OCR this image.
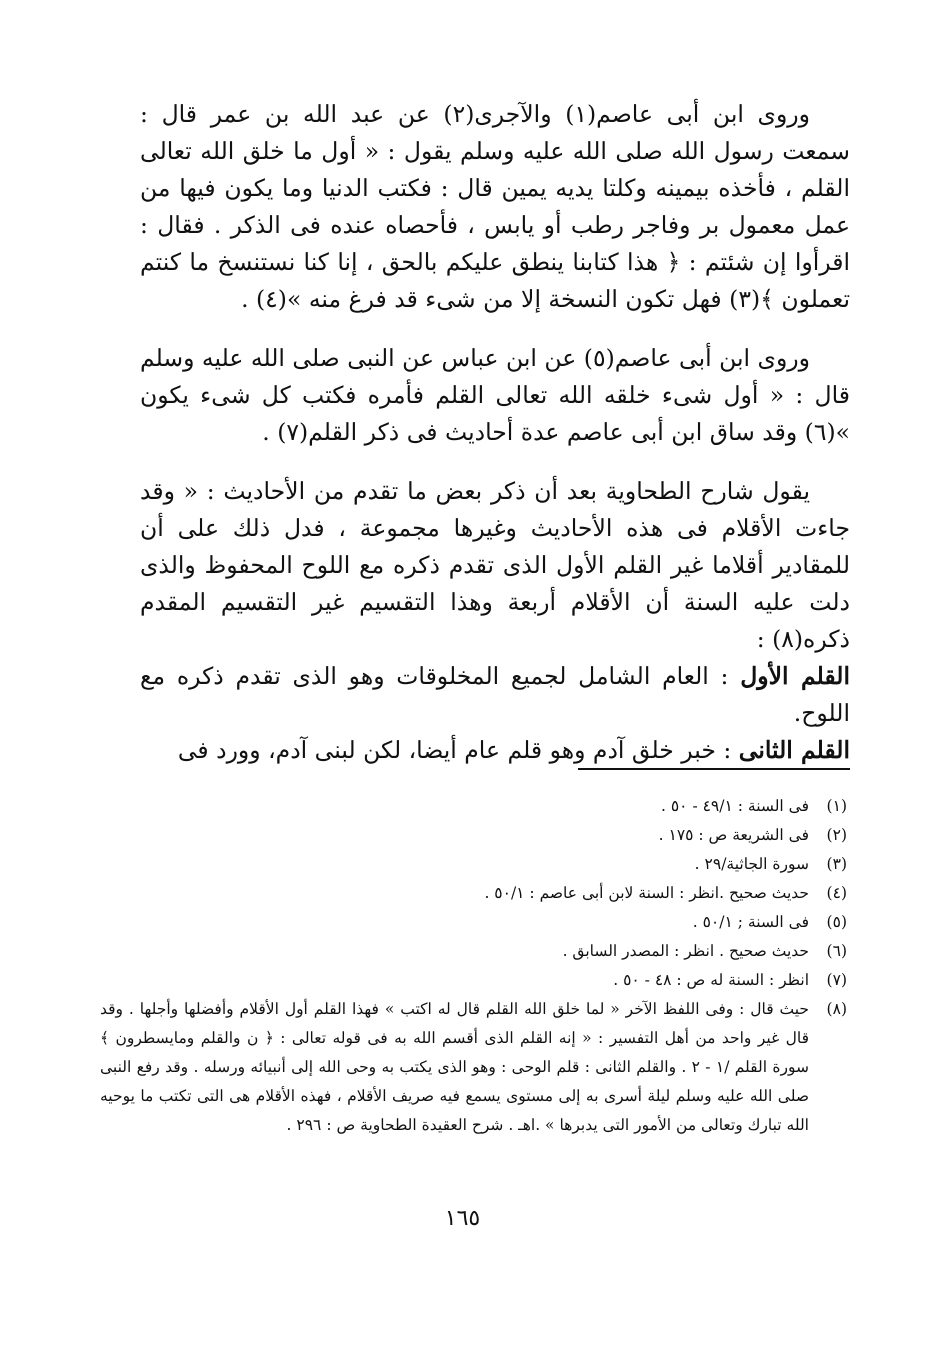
وروى ابن أبى عاصم(١) والآجرى(٢) عن عبد الله بن عمر قال : سمعت رسول الله صلى الله عليه وسلم يقول : « أول ما خلق الله تعالى القلم ، فأخذه بيمينه وكلتا يديه يمين قال : فكتب الدنيا وما يكون فيها من عمل معمول بر وفاجر رطب أو يابس ، فأحصاه عنده فى الذكر . فقال : اقرأوا إن شئتم : ﴿ هذا كتابنا ينطق عليكم بالحق ، إنا كنا نستنسخ ما كنتم تعملون ﴾(٣) فهل تكون النسخة إلا من شىء قد فرغ منه »(٤) .

وروى ابن أبى عاصم(٥) عن ابن عباس عن النبى صلى الله عليه وسلم قال : « أول شىء خلقه الله تعالى القلم فأمره فكتب كل شىء يكون »(٦) وقد ساق ابن أبى عاصم عدة أحاديث فى ذكر القلم(٧) .

يقول شارح الطحاوية بعد أن ذكر بعض ما تقدم من الأحاديث : « وقد جاءت الأقلام فى هذه الأحاديث وغيرها مجموعة ، فدل ذلك على أن للمقادير أقلاما غير القلم الأول الذى تقدم ذكره مع اللوح المحفوظ والذى دلت عليه السنة أن الأقلام أربعة وهذا التقسيم غير التقسيم المقدم ذكره(٨) :

القلم الأول : العام الشامل لجميع المخلوقات وهو الذى تقدم ذكره مع اللوح.

القلم الثانى : خبر خلق آدم وهو قلم عام أيضا، لكن لبنى آدم، وورد فى

(١)
فى السنة : ٤٩/١ - ٥٠ .
(٢)
فى الشريعة ص : ١٧٥ .
(٣)
سورة الجاثية/٢٩ .
(٤)
حديث صحيح .انظر : السنة لابن أبى عاصم : ٥٠/١ .
(٥)
فى السنة ; ٥٠/١ .
(٦)
حديث صحيح . انظر : المصدر السابق .
(٧)
انظر : السنة له ص : ٤٨ - ٥٠ .
(٨)
حيث قال : وفى اللفظ الآخر « لما خلق الله القلم قال له اكتب » فهذا القلم أول الأقلام وأفضلها وأجلها . وقد قال غير واحد من أهل التفسير : « إنه القلم الذى أقسم الله به فى قوله تعالى : ﴿ ن والقلم ومايسطرون ﴾ سورة القلم /١ - ٢ . والقلم الثانى : قلم الوحى : وهو الذى يكتب به وحى الله إلى أنبيائه ورسله . وقد رفع النبى صلى الله عليه وسلم ليلة أسرى به إلى مستوى يسمع فيه صريف الأقلام ، فهذه الأقلام هى التى تكتب ما يوحيه الله تبارك وتعالى من الأمور التى يدبرها » .اهـ . شرح العقيدة الطحاوية ص : ٢٩٦ .
١٦٥
